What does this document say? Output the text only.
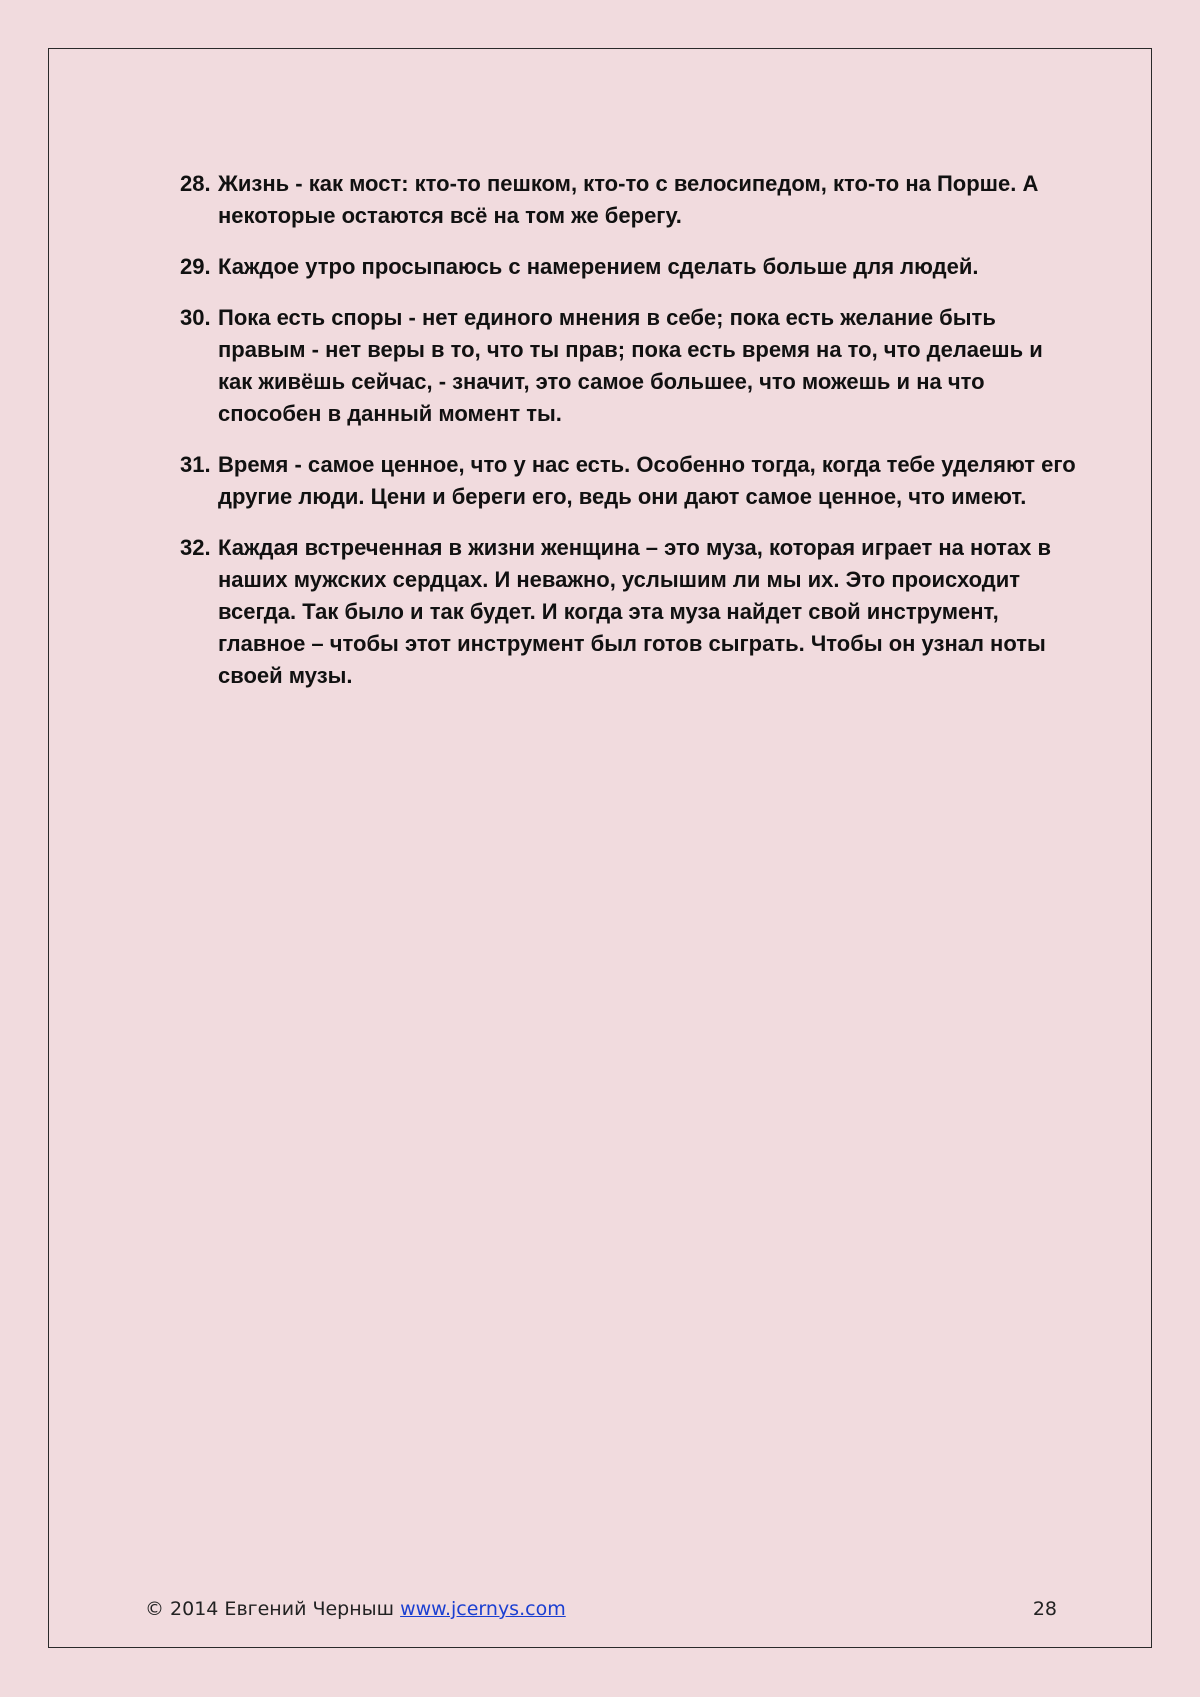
28. Жизнь - как мост: кто-то пешком, кто-то с велосипедом, кто-то на Порше. А некоторые остаются всё на том же берегу.
29. Каждое утро просыпаюсь с намерением сделать больше для людей.
30. Пока есть споры - нет единого мнения в себе; пока есть желание быть правым - нет веры в то, что ты прав; пока есть время на то, что делаешь и как живёшь сейчас, - значит, это самое большее, что можешь и на что способен в данный момент ты.
31. Время - самое ценное, что у нас есть. Особенно тогда, когда тебе уделяют его другие люди. Цени и береги его, ведь они дают самое ценное, что имеют.
32. Каждая встреченная в жизни женщина – это муза, которая играет на нотах в наших мужских сердцах. И неважно, услышим ли мы их. Это происходит всегда. Так было и так будет. И когда эта муза найдет свой инструмент, главное – чтобы этот инструмент был готов сыграть. Чтобы он узнал ноты своей музы.
© 2014 Евгений Черныш www.jcernys.com	28
